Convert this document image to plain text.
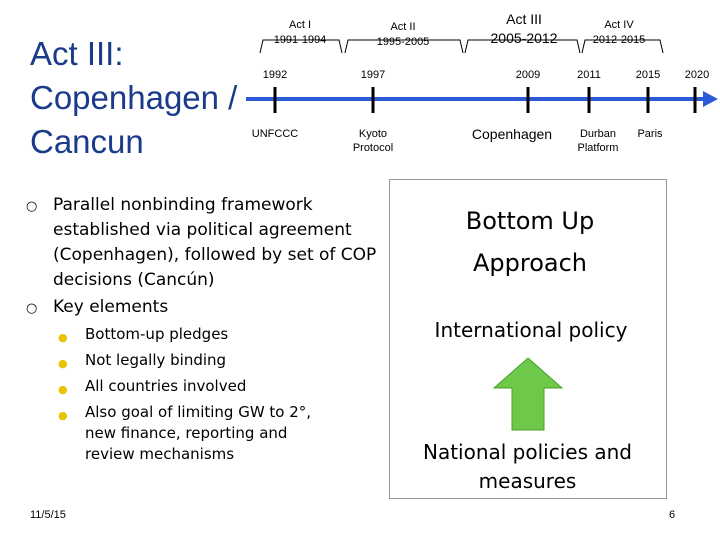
Act III: Copenhagen / Cancun
Act I
1991-1994
Act II
1995-2005
Act III
2005-2012
Act IV
2012-2015
1992	1997	2009	2011	2015 2020
UNFCCC	Kyoto Protocol
Copenhagen	Durban Platform
Paris
○ Parallel nonbinding framework established via political agreement (Copenhagen), followed by set of COP decisions (Cancún)
○ Key elements
●	Bottom-up pledges
●	Not legally binding
●	All countries involved
●	Also goal of limiting GW to 2°, new finance, reporting and review mechanisms
Bottom Up Approach
International policy
National policies and measures
11/5/15	6
